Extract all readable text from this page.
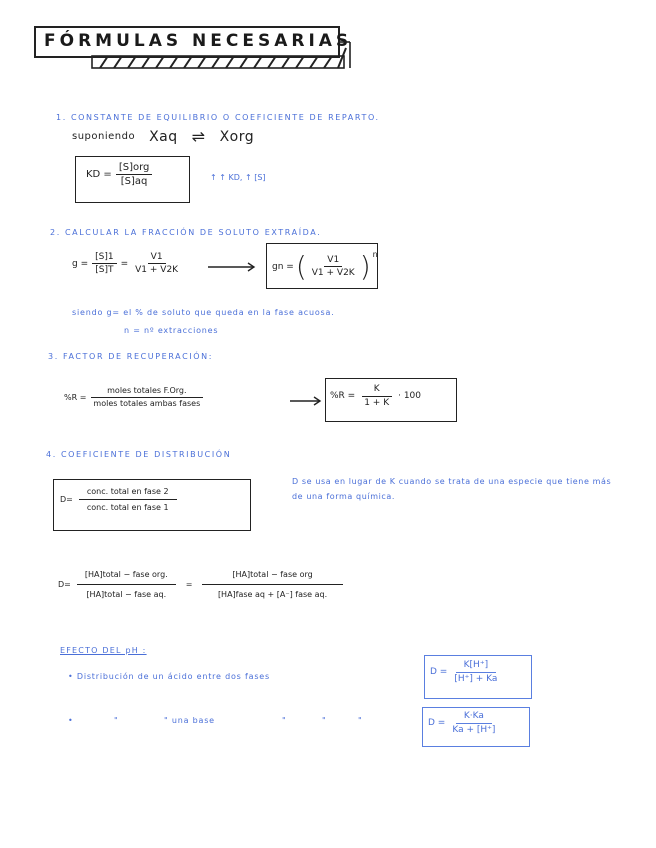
FÓRMULAS NECESARIAS
1. CONSTANTE DE EQUILIBRIO O COEFICIENTE DE REPARTO.
suponiendo Xaq ⇌ Xorg
KD = $\frac{\text{[S]org}}{[S]aq}$	↑ ↑ KD, ↑ [S]
2. CALCULAR LA FRACCIÓN DE SOLUTO EXTRAÍDA.
$g = \frac{[S]1}{[S]T} = \frac{V1}{V1 + V2K}$	gn = ( $\frac{V1}{V1 + V2K}$ ) n
siendo g= el % de soluto que queda en la fase acuosa.
n = nº extracciones
3. FACTOR DE RECUPERACIÓN:
$\%R = \frac{\text{moles totales F.Org.}}{\text{moles totales ambas fases}}$	$\%R = \frac{K}{1 + K} \cdot 100$
4. COEFICIENTE DE DISTRIBUCIÓN
$D= \frac{\text{conc. total en fase 2}}{\text{conc. total en fase 1}}$
D se usa en lugar de K cuando se trata de una especie que tiene más de una forma química.
$D= \frac{\text{[HA]total − fase org.}}{\text{[HA]total − fase aq.}} = \frac{\text{[HA]total − fase org}}{\text{[HA]fase aq + [A⁻] fase aq.}}$
EFECTO DEL pH :
• Distribución de un ácido entre dos fases
•	"	" una base	"	"	"
$D = \frac{K[H^+]}{[H^+] + Ka}$
$D = \frac{K\cdot Ka}{Ka + [H^+]}$
